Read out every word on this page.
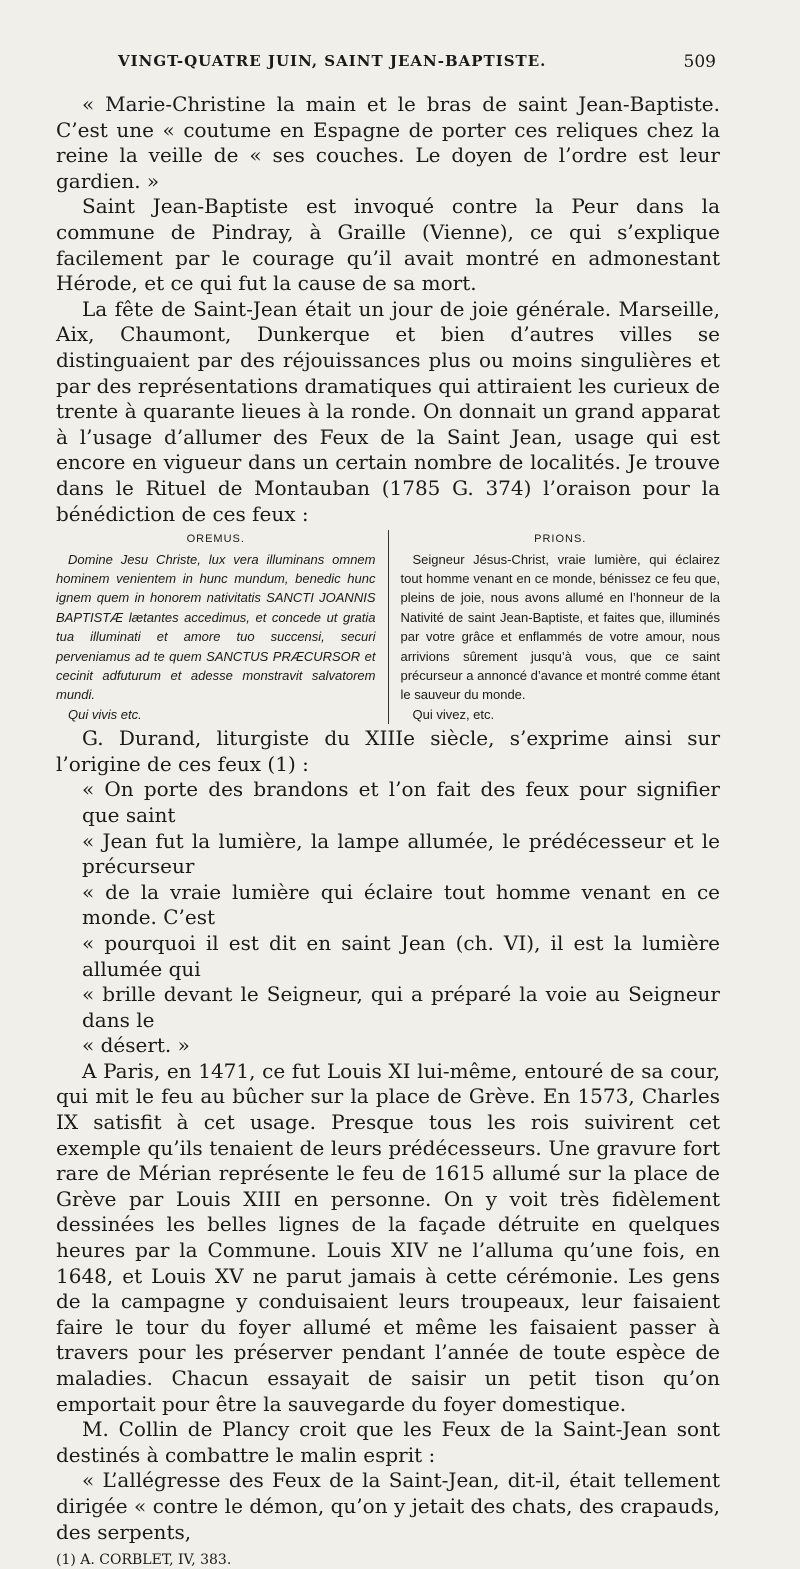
VINGT-QUATRE JUIN, SAINT JEAN-BAPTISTE.	509

« Marie-Christine la main et le bras de saint Jean-Baptiste. C’est une « coutume en Espagne de porter ces reliques chez la reine la veille de « ses couches. Le doyen de l’ordre est leur gardien. »

Saint Jean-Baptiste est invoqué contre la Peur dans la commune de Pindray, à Graille (Vienne), ce qui s’explique facilement par le courage qu’il avait montré en admonestant Hérode, et ce qui fut la cause de sa mort.

La fête de Saint-Jean était un jour de joie générale. Marseille, Aix, Chaumont, Dunkerque et bien d’autres villes se distinguaient par des réjouissances plus ou moins singulières et par des représentations dramatiques qui attiraient les curieux de trente à quarante lieues à la ronde. On donnait un grand apparat à l’usage d’allumer des Feux de la Saint Jean, usage qui est encore en vigueur dans un certain nombre de localités. Je trouve dans le Rituel de Montauban (1785 G. 374) l’oraison pour la bénédiction de ces feux :

OREMUS.
Domine Jesu Christe, lux vera illuminans omnem hominem venientem in hunc mundum, benedic hunc ignem quem in honorem nativitatis SANCTI JOANNIS BAPTISTÆ lætantes accedimus, et concede ut gratia tua illuminati et amore tuo succensi, securi perveniamus ad te quem SANCTUS PRÆCURSOR et cecinit adfuturum et adesse monstravit salvatorem mundi.
Qui vivis etc.
PRIONS.
Seigneur Jésus-Christ, vraie lumière, qui éclairez tout homme venant en ce monde, bénissez ce feu que, pleins de joie, nous avons allumé en l’honneur de la Nativité de saint Jean-Baptiste, et faites que, illuminés par votre grâce et enflammés de votre amour, nous arrivions sûrement jusqu’à vous, que ce saint précurseur a annoncé d’avance et montré comme étant le sauveur du monde.
Qui vivez, etc.

G. Durand, liturgiste du XIIIe siècle, s’exprime ainsi sur l’origine de ces feux (1) :

« On porte des brandons et l’on fait des feux pour signifier que saint
« Jean fut la lumière, la lampe allumée, le prédécesseur et le précurseur
« de la vraie lumière qui éclaire tout homme venant en ce monde. C’est
« pourquoi il est dit en saint Jean (ch. VI), il est la lumière allumée qui
« brille devant le Seigneur, qui a préparé la voie au Seigneur dans le
« désert. »

A Paris, en 1471, ce fut Louis XI lui-même, entouré de sa cour, qui mit le feu au bûcher sur la place de Grève. En 1573, Charles IX satisfit à cet usage. Presque tous les rois suivirent cet exemple qu’ils tenaient de leurs prédécesseurs. Une gravure fort rare de Mérian représente le feu de 1615 allumé sur la place de Grève par Louis XIII en personne. On y voit très fidèlement dessinées les belles lignes de la façade détruite en quelques heures par la Commune. Louis XIV ne l’alluma qu’une fois, en 1648, et Louis XV ne parut jamais à cette cérémonie. Les gens de la campagne y conduisaient leurs troupeaux, leur faisaient faire le tour du foyer allumé et même les faisaient passer à travers pour les préserver pendant l’année de toute espèce de maladies. Chacun essayait de saisir un petit tison qu’on emportait pour être la sauvegarde du foyer domestique.

M. Collin de Plancy croit que les Feux de la Saint-Jean sont destinés à combattre le malin esprit :

« L’allégresse des Feux de la Saint-Jean, dit-il, était tellement dirigée « contre le démon, qu’on y jetait des chats, des crapauds, des serpents,

(1) A. CORBLET, IV, 383.
